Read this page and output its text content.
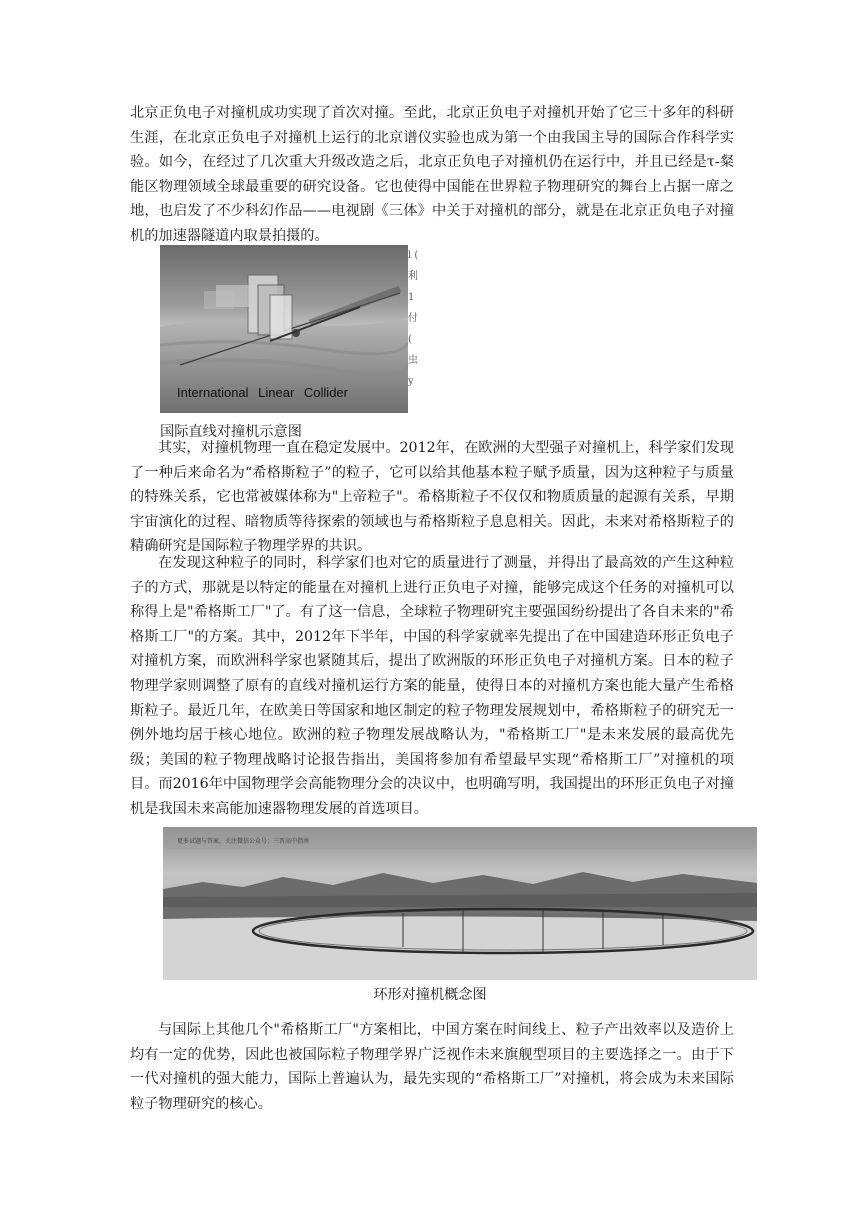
北京正负电子对撞机成功实现了首次对撞。至此，北京正负电子对撞机开始了它三十多年的科研生涯，在北京正负电子对撞机上运行的北京谱仪实验也成为第一个由我国主导的国际合作科学实验。如今，在经过了几次重大升级改造之后，北京正负电子对撞机仍在运行中，并且已经是τ-粲能区物理领域全球最重要的研究设备。它也使得中国能在世界粒子物理研究的舞台上占据一席之地，也启发了不少科幻作品——电视剧《三体》中关于对撞机的部分，就是在北京正负电子对撞机的加速器隧道内取景拍摄的。

International Linear Collider
l ( 利 1 付 ( 虫 y
国际直线对撞机示意图

其实，对撞机物理一直在稳定发展中。2012年，在欧洲的大型强子对撞机上，科学家们发现了一种后来命名为“希格斯粒子”的粒子，它可以给其他基本粒子赋予质量，因为这种粒子与质量的特殊关系，它也常被媒体称为"上帝粒子"。希格斯粒子不仅仅和物质质量的起源有关系，早期宇宙演化的过程、暗物质等待探索的领域也与希格斯粒子息息相关。因此，未来对希格斯粒子的精确研究是国际粒子物理学界的共识。

在发现这种粒子的同时，科学家们也对它的质量进行了测量，并得出了最高效的产生这种粒子的方式，那就是以特定的能量在对撞机上进行正负电子对撞，能够完成这个任务的对撞机可以称得上是"希格斯工厂"了。有了这一信息，全球粒子物理研究主要强国纷纷提出了各自未来的"希格斯工厂"的方案。其中，2012年下半年，中国的科学家就率先提出了在中国建造环形正负电子对撞机方案，而欧洲科学家也紧随其后，提出了欧洲版的环形正负电子对撞机方案。日本的粒子物理学家则调整了原有的直线对撞机运行方案的能量，使得日本的对撞机方案也能大量产生希格斯粒子。最近几年，在欧美日等国家和地区制定的粒子物理发展规划中，希格斯粒子的研究无一例外地均居于核心地位。欧洲的粒子物理发展战略认为，"希格斯工厂"是未来发展的最高优先级；美国的粒子物理战略讨论报告指出，美国将参加有希望最早实现“希格斯工厂”对撞机的项目。而2016年中国物理学会高能物理分会的决议中，也明确写明，我国提出的环形正负电子对撞机是我国未来高能加速器物理发展的首选项目。

更多试题与答案，关注微信公众号：三晋高中指南
环形对撞机概念图

与国际上其他几个"希格斯工厂"方案相比，中国方案在时间线上、粒子产出效率以及造价上均有一定的优势，因此也被国际粒子物理学界广泛视作未来旗舰型项目的主要选择之一。由于下一代对撞机的强大能力，国际上普遍认为，最先实现的“希格斯工厂”对撞机，将会成为未来国际粒子物理研究的核心。
